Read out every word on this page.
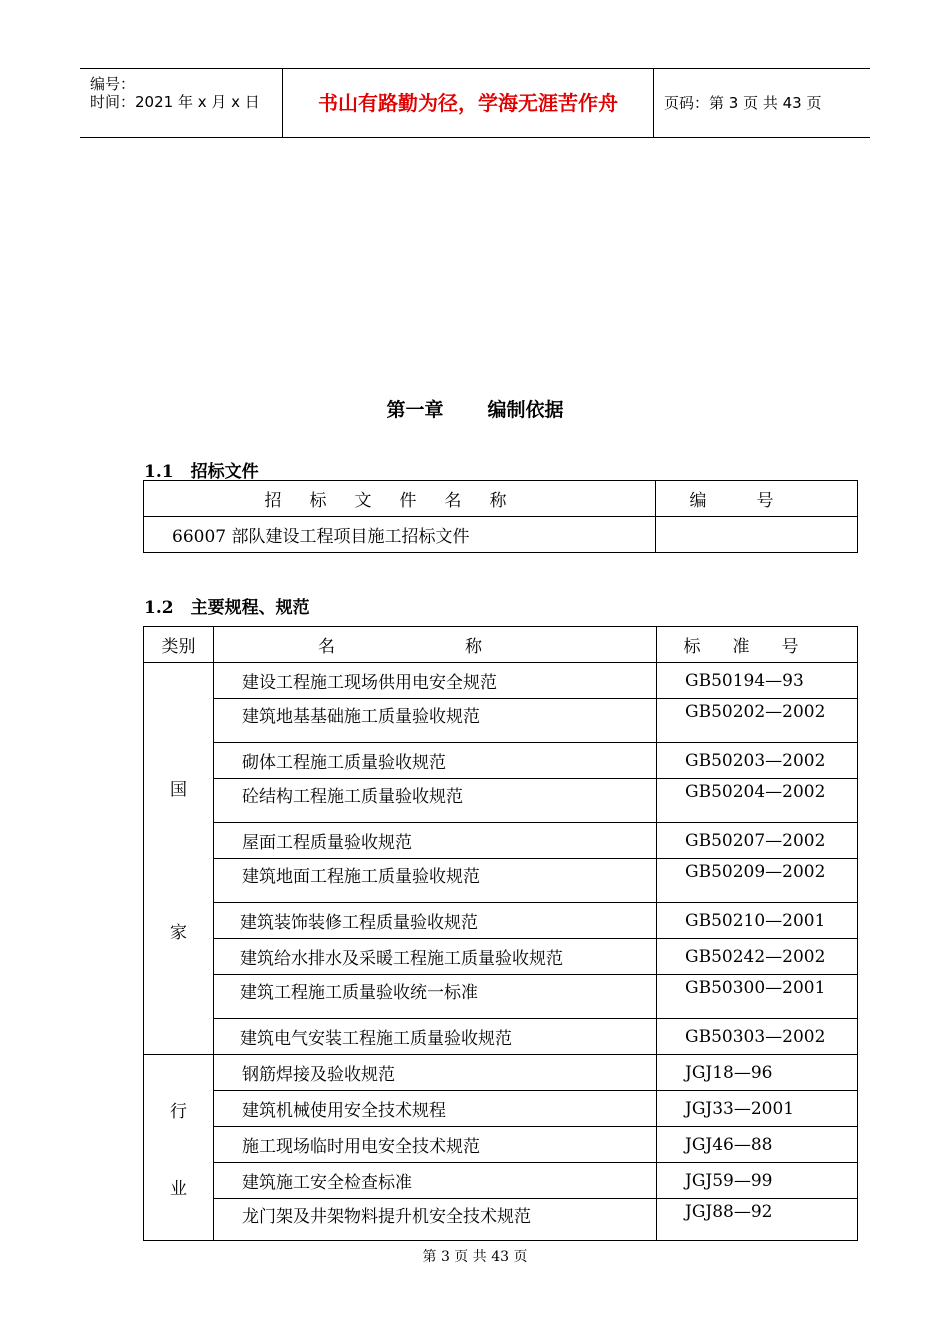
编号：
时间：2021 年 x 月 x 日	书山有路勤为径，学海无涯苦作舟	页码：第 3 页 共 43 页
第一章 编制依据
1.1　招标文件
招标文件名称	编号
66007 部队建设工程项目施工招标文件	
1.2　主要规程、规范
类别	名称	标准号

国
家	建设工程施工现场供用电安全规范	GB50194—93
	建筑地基基础施工质量验收规范	GB50202—2002
	砌体工程施工质量验收规范	GB50203—2002
	砼结构工程施工质量验收规范	GB50204—2002
	屋面工程质量验收规范	GB50207—2002
	建筑地面工程施工质量验收规范	GB50209—2002
	建筑装饰装修工程质量验收规范	GB50210—2001
	建筑给水排水及采暖工程施工质量验收规范	GB50242—2002
	建筑工程施工质量验收统一标准	GB50300—2001
	建筑电气安装工程施工质量验收规范	GB50303—2002

行
业	钢筋焊接及验收规范	JGJ18—96
	建筑机械使用安全技术规程	JGJ33—2001
	施工现场临时用电安全技术规范	JGJ46—88
	建筑施工安全检查标准	JGJ59—99
	龙门架及井架物料提升机安全技术规范	JGJ88—92
第 3 页 共 43 页
